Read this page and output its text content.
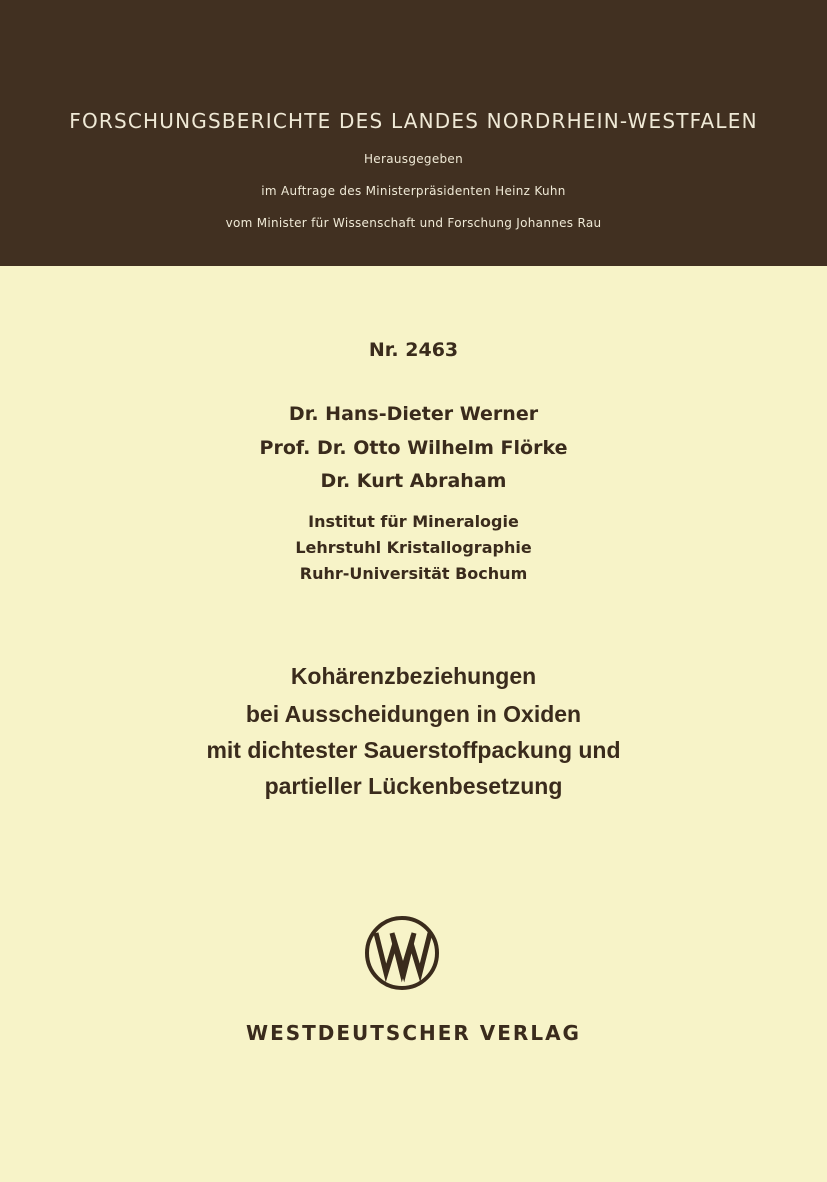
FORSCHUNGSBERICHTE DES LANDES NORDRHEIN-WESTFALEN
Herausgegeben
im Auftrage des Ministerpräsidenten Heinz Kuhn
vom Minister für Wissenschaft und Forschung Johannes Rau
Nr. 2463
Dr. Hans-Dieter Werner
Prof. Dr. Otto Wilhelm Flörke
Dr. Kurt Abraham
Institut für Mineralogie
Lehrstuhl Kristallographie
Ruhr-Universität Bochum
Kohärenzbeziehungen
bei Ausscheidungen in Oxiden
mit dichtester Sauerstoffpackung und
partieller Lückenbesetzung
WESTDEUTSCHER VERLAG
